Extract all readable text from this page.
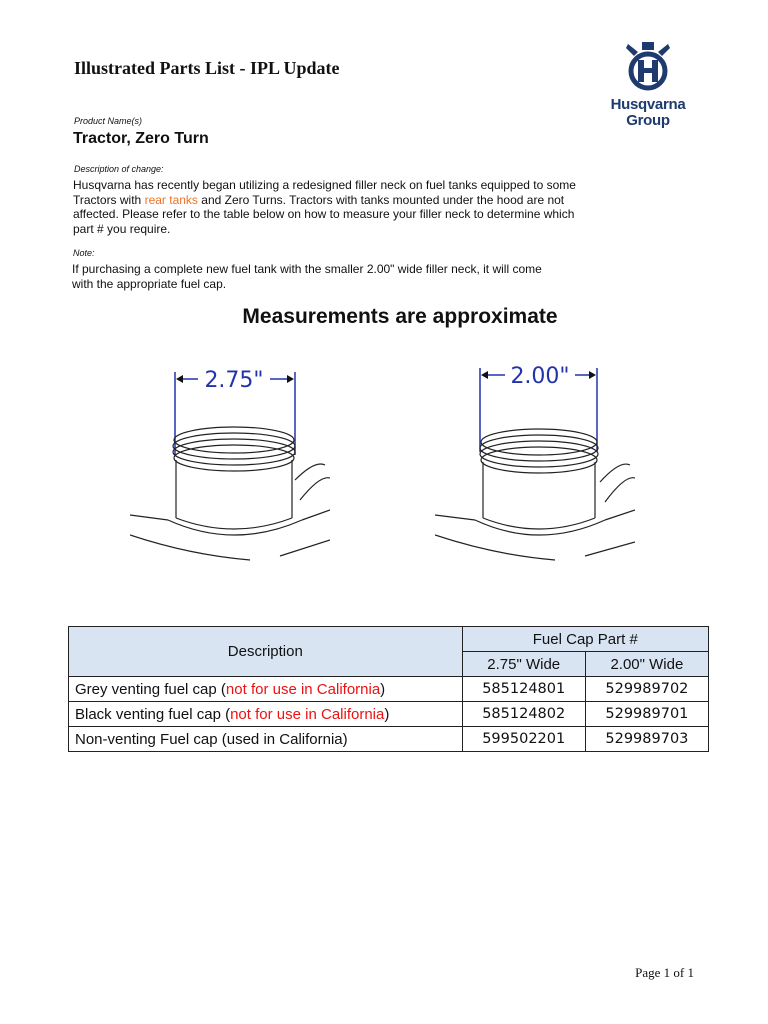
Illustrated Parts List - IPL Update
Husqvarna
Group
Product Name(s)
Tractor, Zero Turn
Description of change:
Husqvarna has recently began utilizing a redesigned filler neck on fuel tanks equipped to some
Tractors with rear tanks and Zero Turns. Tractors with tanks mounted under the hood are not
affected. Please refer to the table below on how to measure your filler neck to determine which
part # you require.
Note:
If purchasing a complete new fuel tank with the smaller 2.00" wide filler neck, it will come
with the appropriate fuel cap.
Measurements are approximate
2.75"	2.00"
Description	Fuel Cap Part #	
	2.75" Wide	2.00" Wide
Grey venting fuel cap (not for use in California)	585124801	529989702
Black venting fuel cap (not for use in California)	585124802	529989701
Non-venting Fuel cap (used in California)	599502201	529989703
Page 1 of 1
